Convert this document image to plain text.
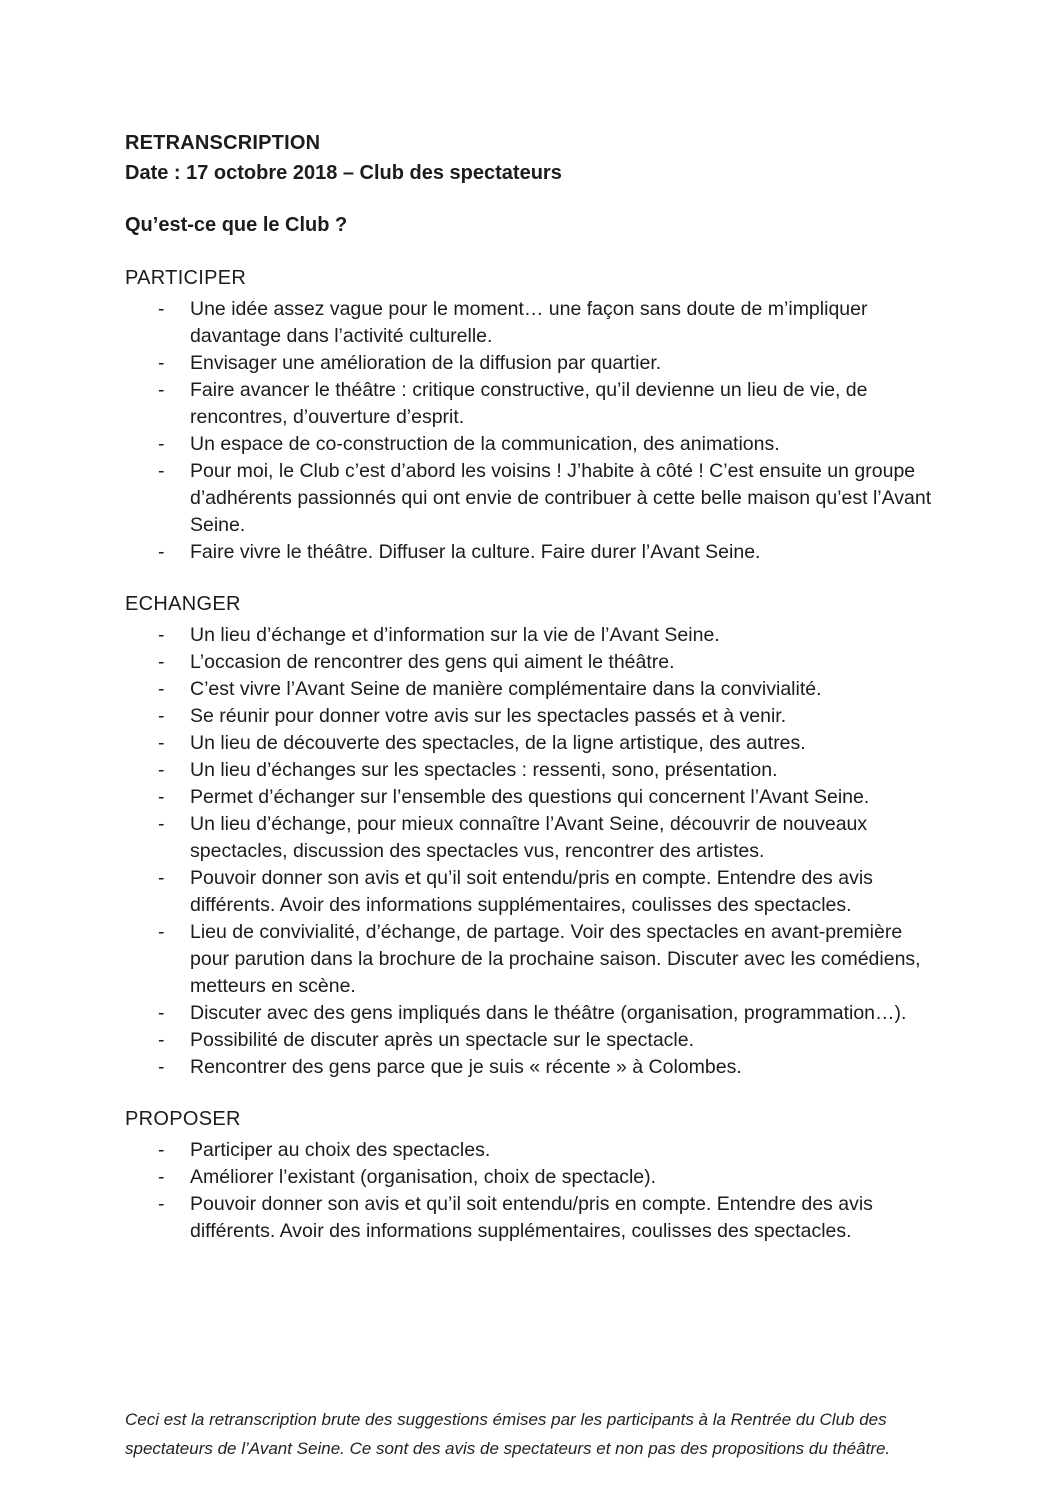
RETRANSCRIPTION

Date : 17 octobre 2018 – Club des spectateurs

Qu’est-ce que le Club ?
PARTICIPER
- Une idée assez vague pour le moment… une façon sans doute de m’impliquer davantage dans l’activité culturelle.
- Envisager une amélioration de la diffusion par quartier.
- Faire avancer le théâtre : critique constructive, qu’il devienne un lieu de vie, de rencontres, d’ouverture d’esprit.
- Un espace de co-construction de la communication, des animations.
- Pour moi, le Club c’est d’abord les voisins ! J’habite à côté ! C’est ensuite un groupe d’adhérents passionnés qui ont envie de contribuer à cette belle maison qu’est l’Avant Seine.
- Faire vivre le théâtre. Diffuser la culture. Faire durer l’Avant Seine.
ECHANGER
- Un lieu d’échange et d’information sur la vie de l’Avant Seine.
- L’occasion de rencontrer des gens qui aiment le théâtre.
- C’est vivre l’Avant Seine de manière complémentaire dans la convivialité.
- Se réunir pour donner votre avis sur les spectacles passés et à venir.
- Un lieu de découverte des spectacles, de la ligne artistique, des autres.
- Un lieu d’échanges sur les spectacles : ressenti, sono, présentation.
- Permet d’échanger sur l’ensemble des questions qui concernent l’Avant Seine.
- Un lieu d’échange, pour mieux connaître l’Avant Seine, découvrir de nouveaux spectacles, discussion des spectacles vus, rencontrer des artistes.
- Pouvoir donner son avis et qu’il soit entendu/pris en compte. Entendre des avis différents. Avoir des informations supplémentaires, coulisses des spectacles.
- Lieu de convivialité, d’échange, de partage. Voir des spectacles en avant-première pour parution dans la brochure de la prochaine saison. Discuter avec les comédiens, metteurs en scène.
- Discuter avec des gens impliqués dans le théâtre (organisation, programmation…).
- Possibilité de discuter après un spectacle sur le spectacle.
- Rencontrer des gens parce que je suis « récente » à Colombes.
PROPOSER
- Participer au choix des spectacles.
- Améliorer l’existant (organisation, choix de spectacle).
- Pouvoir donner son avis et qu’il soit entendu/pris en compte. Entendre des avis différents. Avoir des informations supplémentaires, coulisses des spectacles.

Ceci est la retranscription brute des suggestions émises par les participants à la Rentrée du Club des spectateurs de l’Avant Seine. Ce sont des avis de spectateurs et non pas des propositions du théâtre.
